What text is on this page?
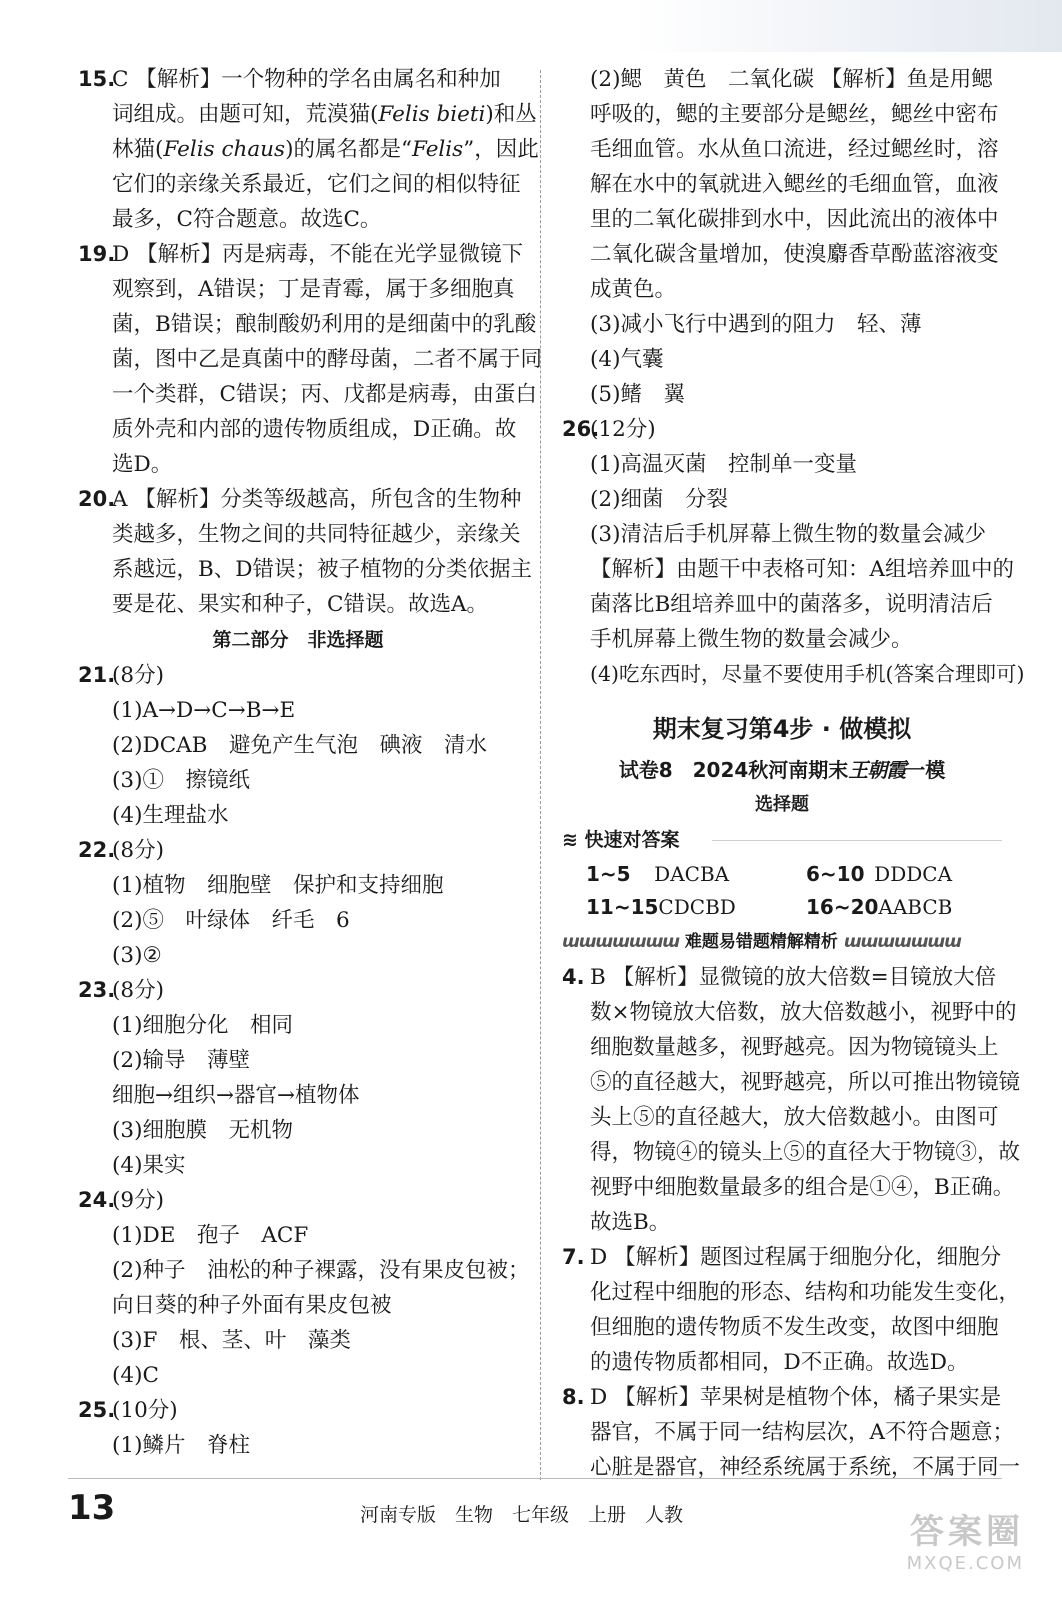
15.C 【解析】一个物种的学名由属名和种加
词组成。由题可知，荒漠猫(Felis bieti)和丛
林猫(Felis chaus)的属名都是“Felis”，因此
它们的亲缘关系最近，它们之间的相似特征
最多，C符合题意。故选C。
19.D 【解析】丙是病毒，不能在光学显微镜下
观察到，A错误；丁是青霉，属于多细胞真
菌，B错误；酿制酸奶利用的是细菌中的乳酸
菌，图中乙是真菌中的酵母菌，二者不属于同
一个类群，C错误；丙、戊都是病毒，由蛋白
质外壳和内部的遗传物质组成，D正确。故
选D。
20.A 【解析】分类等级越高，所包含的生物种
类越多，生物之间的共同特征越少，亲缘关
系越远，B、D错误；被子植物的分类依据主
要是花、果实和种子，C错误。故选A。
第二部分　非选择题
21.(8分)
(1)A→D→C→B→E
(2)DCAB　避免产生气泡　碘液　清水
(3)①　擦镜纸
(4)生理盐水
22.(8分)
(1)植物　细胞壁　保护和支持细胞
(2)⑤　叶绿体　纤毛　6
(3)②
23.(8分)
(1)细胞分化　相同
(2)输导　薄壁
细胞→组织→器官→植物体
(3)细胞膜　无机物
(4)果实
24.(9分)
(1)DE　孢子　ACF
(2)种子　油松的种子裸露，没有果皮包被；
向日葵的种子外面有果皮包被
(3)F　根、茎、叶　藻类
(4)C
25.(10分)
(1)鳞片　脊柱
(2)鳃　黄色　二氧化碳 【解析】鱼是用鳃
呼吸的，鳃的主要部分是鳃丝，鳃丝中密布
毛细血管。水从鱼口流进，经过鳃丝时，溶
解在水中的氧就进入鳃丝的毛细血管，血液
里的二氧化碳排到水中，因此流出的液体中
二氧化碳含量增加，使溴麝香草酚蓝溶液变
成黄色。
(3)减小飞行中遇到的阻力　轻、薄
(4)气囊
(5)鳍　翼
26.(12分)
(1)高温灭菌　控制单一变量
(2)细菌　分裂
(3)清洁后手机屏幕上微生物的数量会减少
【解析】由题干中表格可知：A组培养皿中的
菌落比B组培养皿中的菌落多，说明清洁后
手机屏幕上微生物的数量会减少。
(4)吃东西时，尽量不要使用手机(答案合理即可)
期末复习第4步 · 做模拟
试卷8　2024秋河南期末王朝霞一模
选择题
≋ 快速对答案
1~5	DACBA	6~10 DDDCA
11~15 CDCBD	16~20 AABCB
ɯɯɯɯɯɯɯ 难题易错题精解精析 ɯɯɯɯɯɯɯ
4. B 【解析】显微镜的放大倍数=目镜放大倍
数×物镜放大倍数，放大倍数越小，视野中的
细胞数量越多，视野越亮。因为物镜镜头上
⑤的直径越大，视野越亮，所以可推出物镜镜
头上⑤的直径越大，放大倍数越小。由图可
得，物镜④的镜头上⑤的直径大于物镜③，故
视野中细胞数量最多的组合是①④，B正确。
故选B。
7. D 【解析】题图过程属于细胞分化，细胞分
化过程中细胞的形态、结构和功能发生变化，
但细胞的遗传物质不发生改变，故图中细胞
的遗传物质都相同，D不正确。故选D。
8. D 【解析】苹果树是植物个体，橘子果实是
器官，不属于同一结构层次，A不符合题意；
心脏是器官，神经系统属于系统，不属于同一
13	河南专版　生物　七年级　上册　人教	答案圈
MXQE.COM
